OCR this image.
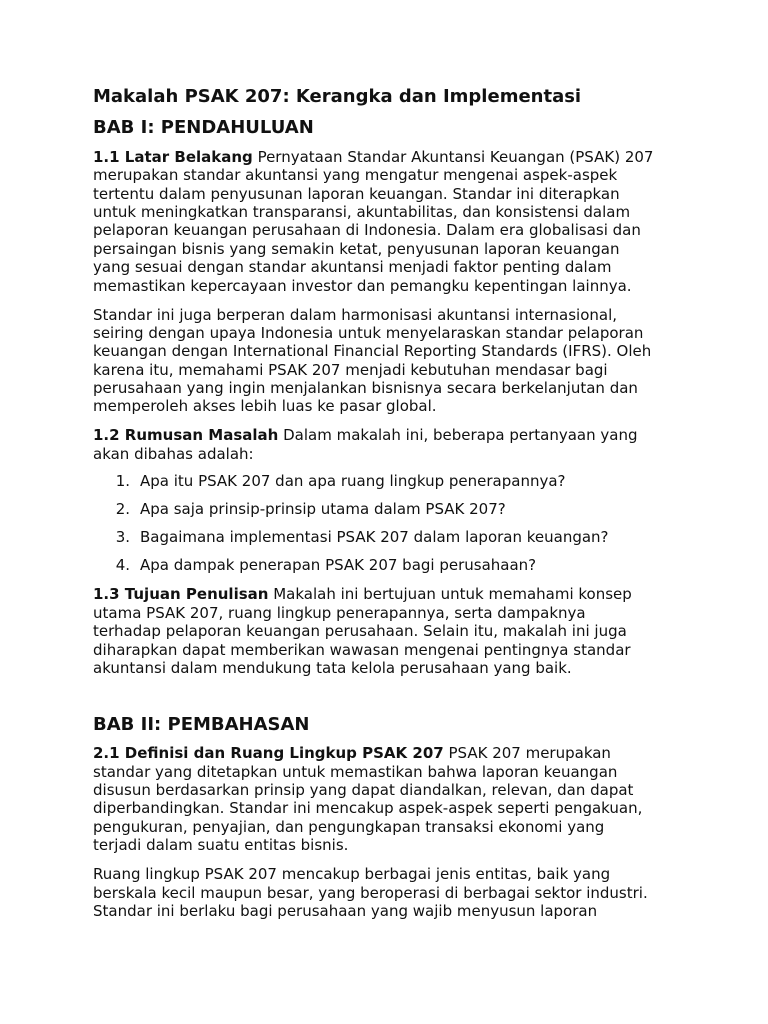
Makalah PSAK 207: Kerangka dan Implementasi
BAB I: PENDAHULUAN
1.1 Latar Belakang Pernyataan Standar Akuntansi Keuangan (PSAK) 207
merupakan standar akuntansi yang mengatur mengenai aspek-aspek
tertentu dalam penyusunan laporan keuangan. Standar ini diterapkan
untuk meningkatkan transparansi, akuntabilitas, dan konsistensi dalam
pelaporan keuangan perusahaan di Indonesia. Dalam era globalisasi dan
persaingan bisnis yang semakin ketat, penyusunan laporan keuangan
yang sesuai dengan standar akuntansi menjadi faktor penting dalam
memastikan kepercayaan investor dan pemangku kepentingan lainnya.
Standar ini juga berperan dalam harmonisasi akuntansi internasional,
seiring dengan upaya Indonesia untuk menyelaraskan standar pelaporan
keuangan dengan International Financial Reporting Standards (IFRS). Oleh
karena itu, memahami PSAK 207 menjadi kebutuhan mendasar bagi
perusahaan yang ingin menjalankan bisnisnya secara berkelanjutan dan
memperoleh akses lebih luas ke pasar global.
1.2 Rumusan Masalah Dalam makalah ini, beberapa pertanyaan yang
akan dibahas adalah:
1. Apa itu PSAK 207 dan apa ruang lingkup penerapannya?
2. Apa saja prinsip-prinsip utama dalam PSAK 207?
3. Bagaimana implementasi PSAK 207 dalam laporan keuangan?
4. Apa dampak penerapan PSAK 207 bagi perusahaan?
1.3 Tujuan Penulisan Makalah ini bertujuan untuk memahami konsep
utama PSAK 207, ruang lingkup penerapannya, serta dampaknya
terhadap pelaporan keuangan perusahaan. Selain itu, makalah ini juga
diharapkan dapat memberikan wawasan mengenai pentingnya standar
akuntansi dalam mendukung tata kelola perusahaan yang baik.
BAB II: PEMBAHASAN
2.1 Definisi dan Ruang Lingkup PSAK 207 PSAK 207 merupakan
standar yang ditetapkan untuk memastikan bahwa laporan keuangan
disusun berdasarkan prinsip yang dapat diandalkan, relevan, dan dapat
diperbandingkan. Standar ini mencakup aspek-aspek seperti pengakuan,
pengukuran, penyajian, dan pengungkapan transaksi ekonomi yang
terjadi dalam suatu entitas bisnis.
Ruang lingkup PSAK 207 mencakup berbagai jenis entitas, baik yang
berskala kecil maupun besar, yang beroperasi di berbagai sektor industri.
Standar ini berlaku bagi perusahaan yang wajib menyusun laporan
